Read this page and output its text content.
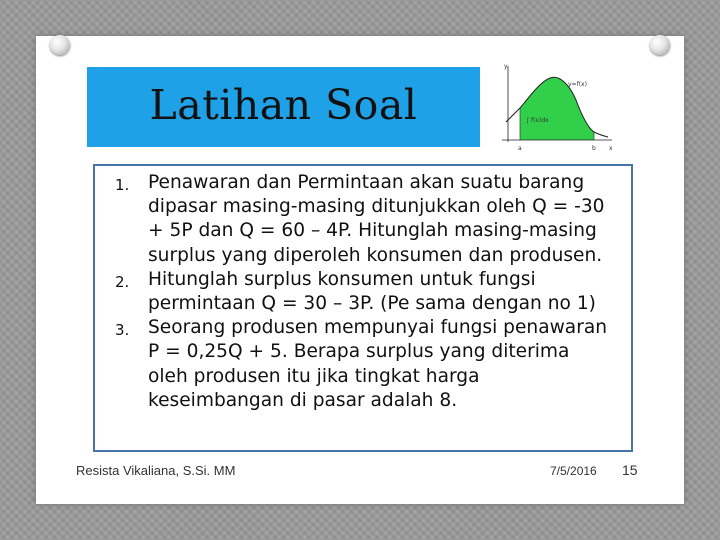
Latihan Soal
y
x
y=f(x)
∫ f(x)dx
a	b
1. Penawaran dan Permintaan akan suatu barang dipasar masing-masing ditunjukkan oleh Q = -30 + 5P dan Q = 60 – 4P. Hitunglah masing-masing surplus yang diperoleh konsumen dan produsen.
2. Hitunglah surplus konsumen untuk fungsi permintaan Q = 30 – 3P. (Pe sama dengan no 1)
3. Seorang produsen mempunyai fungsi penawaran P = 0,25Q + 5. Berapa surplus yang diterima oleh produsen itu jika tingkat harga keseimbangan di pasar adalah 8.
Resista Vikaliana, S.Si. MM	7/5/2016 15
